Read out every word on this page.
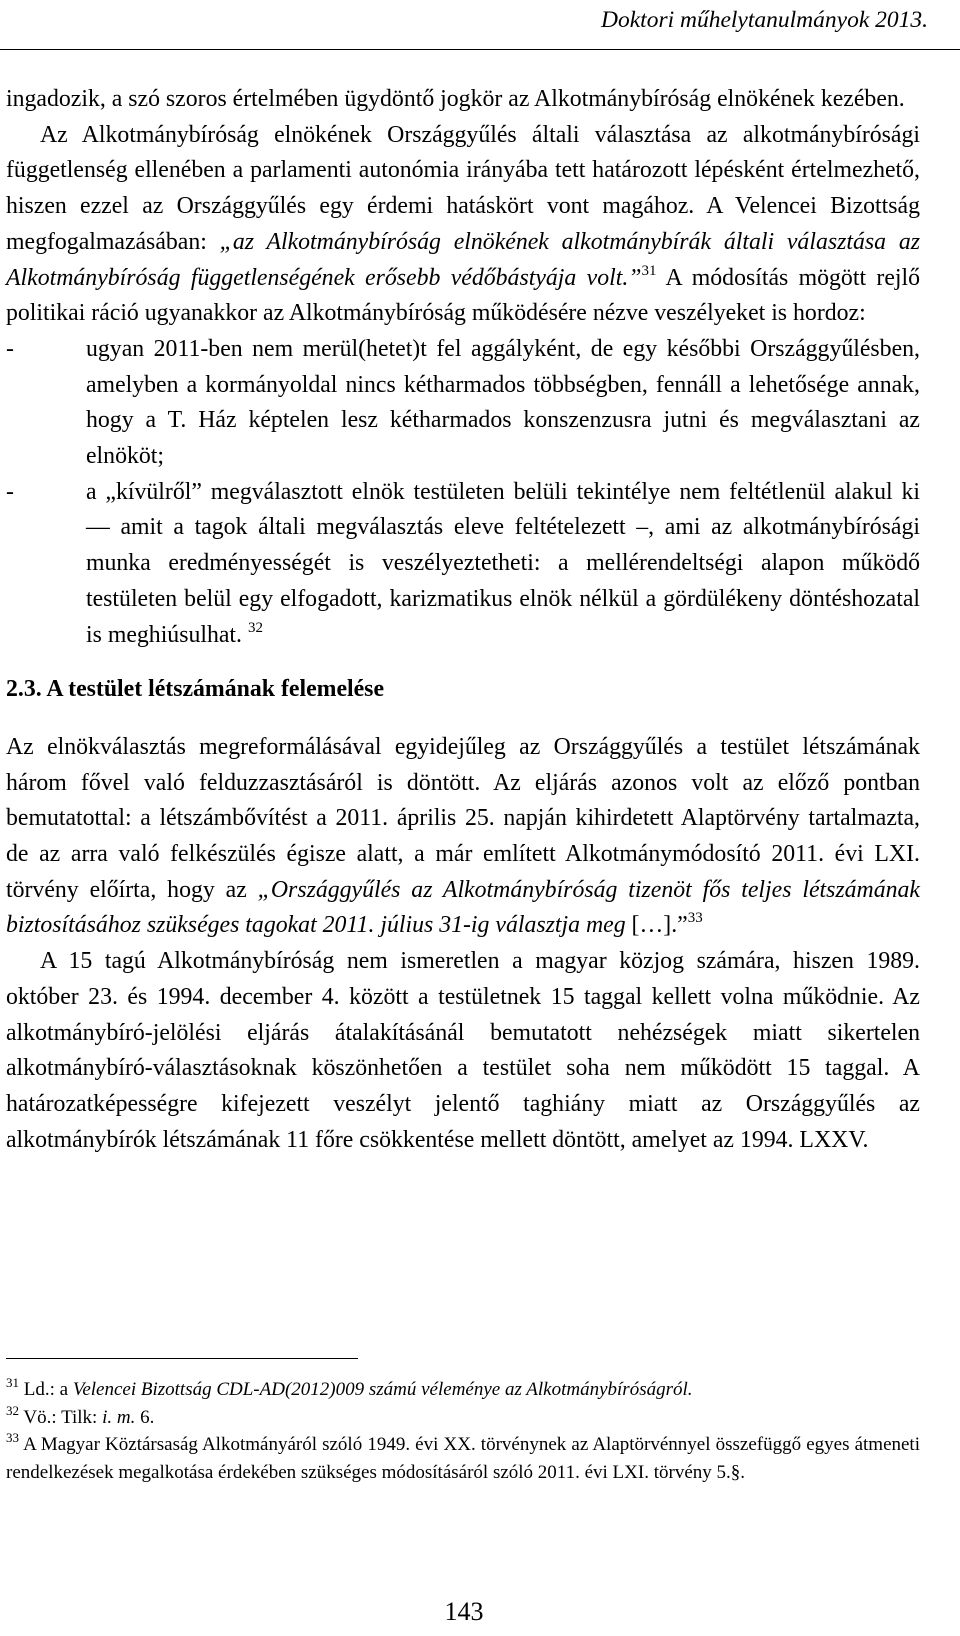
Doktori műhelytanulmányok 2013.

ingadozik, a szó szoros értelmében ügydöntő jogkör az Alkotmánybíróság elnökének kezében.

Az Alkotmánybíróság elnökének Országgyűlés általi választása az alkotmánybírósági függetlenség ellenében a parlamenti autonómia irányába tett határozott lépésként értelmezhető, hiszen ezzel az Országgyűlés egy érdemi hatáskört vont magához. A Velencei Bizottság megfogalmazásában: „az Alkotmánybíróság elnökének alkotmánybírák általi választása az Alkotmánybíróság függetlenségének erősebb védőbástyája volt.”$^{31}$ A módosítás mögött rejlő politikai ráció ugyanakkor az Alkotmánybíróság működésére nézve veszélyeket is hordoz:

-	ugyan 2011-ben nem merül(hetet)t fel aggályként, de egy későbbi Országgyűlésben, amelyben a kormányoldal nincs kétharmados többségben, fennáll a lehetősége annak, hogy a T. Ház képtelen lesz kétharmados konszenzusra jutni és megválasztani az elnököt;
-	a „kívülről” megválasztott elnök testületen belüli tekintélye nem feltétlenül alakul ki — amit a tagok általi megválasztás eleve feltételezett –, ami az alkotmánybírósági munka eredményességét is veszélyeztetheti: a mellérendeltségi alapon működő testületen belül egy elfogadott, karizmatikus elnök nélkül a gördülékeny döntéshozatal is meghiúsulhat. $^{32}$

2.3. A testület létszámának felemelése

Az elnökválasztás megreformálásával egyidejűleg az Országgyűlés a testület létszámának három fővel való felduzzasztásáról is döntött. Az eljárás azonos volt az előző pontban bemutatottal: a létszámbővítést a 2011. április 25. napján kihirdetett Alaptörvény tartalmazta, de az arra való felkészülés égisze alatt, a már említett Alkotmánymódosító 2011. évi LXI. törvény előírta, hogy az „Országgyűlés az Alkotmánybíróság tizenöt fős teljes létszámának biztosításához szükséges tagokat 2011. július 31-ig választja meg […].”$^{33}$

A 15 tagú Alkotmánybíróság nem ismeretlen a magyar közjog számára, hiszen 1989. október 23. és 1994. december 4. között a testületnek 15 taggal kellett volna működnie. Az alkotmánybíró-jelölési eljárás átalakításánál bemutatott nehézségek miatt sikertelen alkotmánybíró-választásoknak köszönhetően a testület soha nem működött 15 taggal. A határozatképességre kifejezett veszélyt jelentő taghiány miatt az Országgyűlés az alkotmánybírók létszámának 11 főre csökkentése mellett döntött, amelyet az 1994. LXXV.

$^{31}$ Ld.: a Velencei Bizottság CDL-AD(2012)009 számú véleménye az Alkotmánybíróságról.

$^{32}$ Vö.: Tilk: i. m. 6.

$^{33}$ A Magyar Köztársaság Alkotmányáról szóló 1949. évi XX. törvénynek az Alaptörvénnyel összefüggő egyes átmeneti rendelkezések megalkotása érdekében szükséges módosításáról szóló 2011. évi LXI. törvény 5.§.

143
